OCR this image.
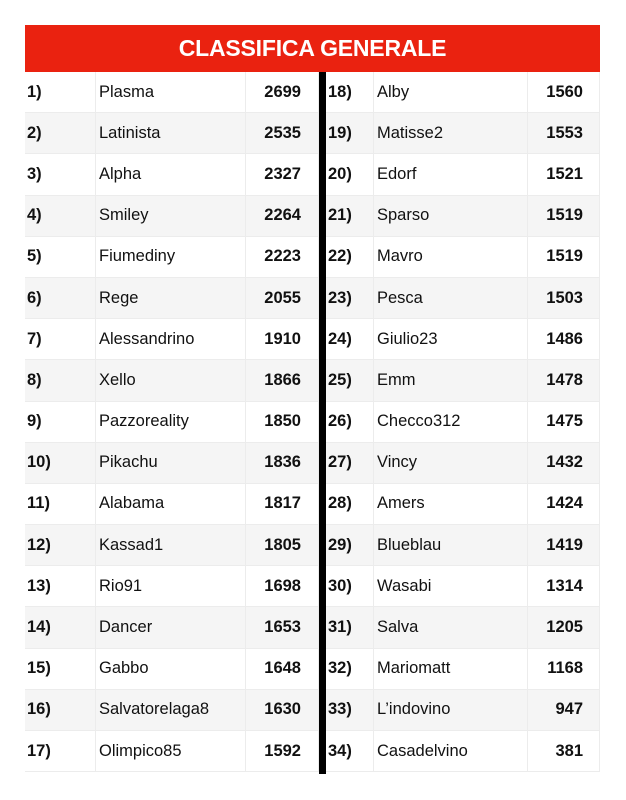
CLASSIFICA GENERALE
1)	Plasma	2699
2)	Latinista	2535
3)	Alpha	2327
4)	Smiley	2264
5)	Fiumediny	2223
6)	Rege	2055
7)	Alessandrino	1910
8)	Xello	1866
9)	Pazzoreality	1850
10)	Pikachu	1836
11)	Alabama	1817
12)	Kassad1	1805
13)	Rio91	1698
14)	Dancer	1653
15)	Gabbo	1648
16)	Salvatorelaga8	1630
17)	Olimpico85	1592
18)	Alby	1560
19)	Matisse2	1553
20)	Edorf	1521
21)	Sparso	1519
22)	Mavro	1519
23)	Pesca	1503
24)	Giulio23	1486
25)	Emm	1478
26)	Checco312	1475
27)	Vincy	1432
28)	Amers	1424
29)	Blueblau	1419
30)	Wasabi	1314
31)	Salva	1205
32)	Mariomatt	1168
33)	L’indovino	947
34)	Casadelvino	381
